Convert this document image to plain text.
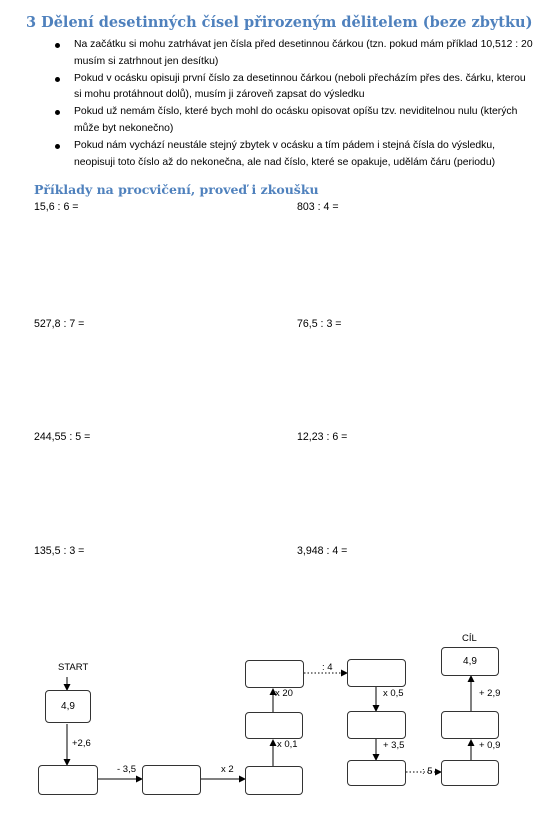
3 Dělení desetinných čísel přirozeným dělitelem (beze zbytku)
Na začátku si mohu zatrhávat jen čísla před desetinnou čárkou (tzn. pokud mám příklad 10,512 : 20 musím si zatrhnout jen desítku)
Pokud v ocásku opisuji první číslo za desetinnou čárkou (neboli přecházím přes des. čárku, kterou si mohu protáhnout dolů), musím ji zároveň zapsat do výsledku
Pokud už nemám číslo, které bych mohl do ocásku opisovat opíšu tzv. neviditelnou nulu (kterých může byt nekonečno)
Pokud nám vychází neustále stejný zbytek v ocásku a tím pádem i stejná čísla do výsledku, neopisuji toto číslo až do nekonečna, ale nad číslo, které se opakuje, udělám čáru (periodu)
Příklady na procvičení, proveď i zkoušku
15,6 : 6 =	803 : 4 =
527,8 : 7 =	76,5 : 3 =
244,55 : 5 =	12,23 : 6 =
135,5 : 3 =	3,948 : 4 =
START
CÍL
+2,6
- 3,5	x 2
x 0,1
x 20
: 4
x 0,5
+ 3,5
: 5
+ 0,9
+ 2,9
4,9
4,9
